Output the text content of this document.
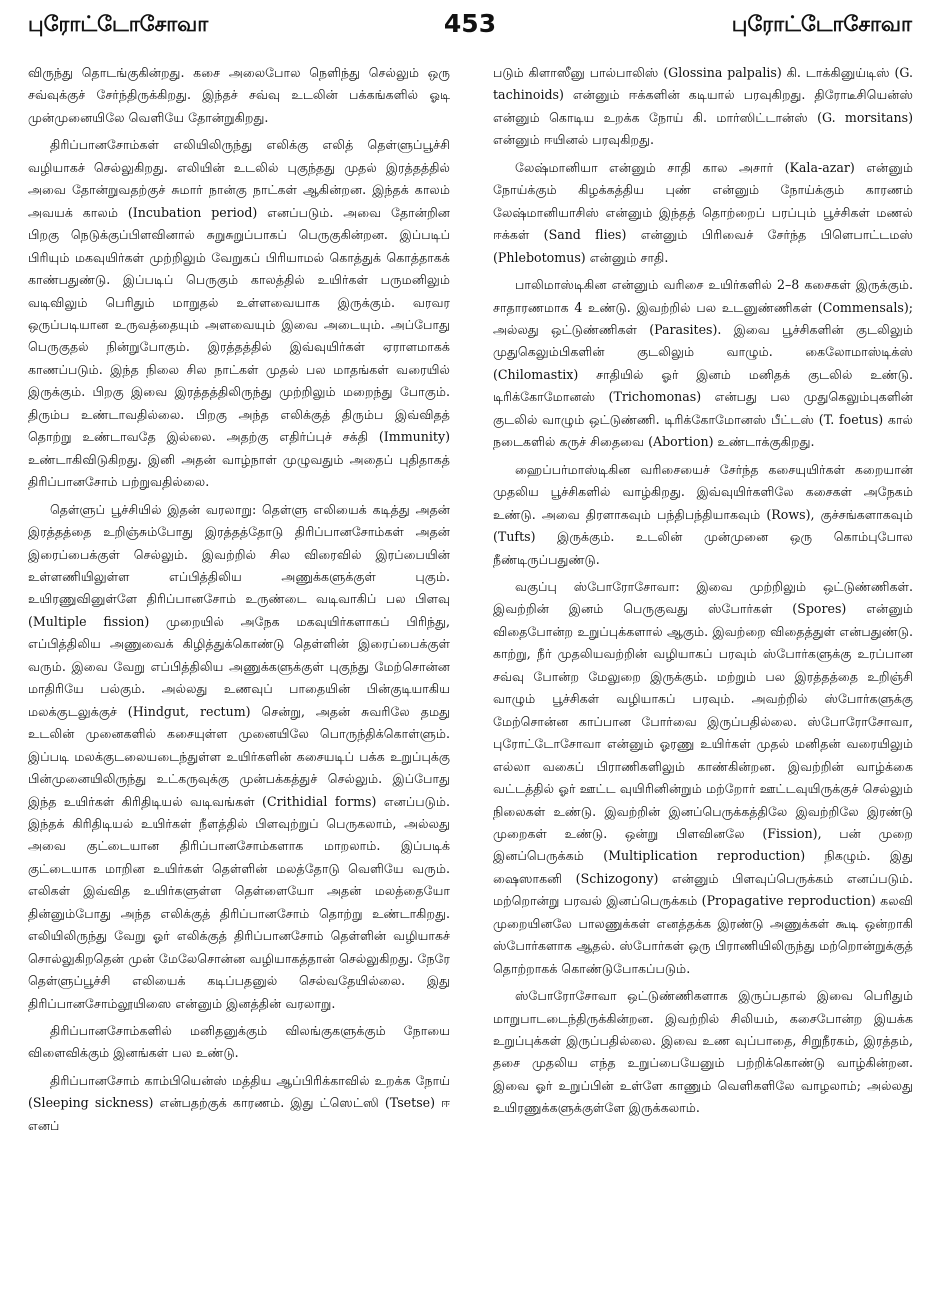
புரோட்டோசோவா	453	புரோட்டோசோவா

விருந்து தொடங்குகின்றது. கசை அலைபோல நெளிந்து செல்லும் ஒரு சவ்வுக்குச் சேர்ந்திருக்கிறது. இந்தச் சவ்வு உடலின் பக்கங்களில் ஓடி முன்முனையிலே வெளியே தோன்றுகிறது.

திரிப்பானசோம்கள் எலியிலிருந்து எலிக்கு எலித் தெள்ளுப்பூச்சி வழியாகச் செல்லுகிறது. எலியின் உடலில் புகுந்தது முதல் இரத்தத்தில் அவை தோன்றுவதற்குச் சுமார் நான்கு நாட்கள் ஆகின்றன. இந்தக் காலம் அவயக் காலம் (Incubation period) எனப்படும். அவை தோன்றின பிறகு நெடுக்குப்பிளவினால் சுறுசுறுப்பாகப் பெருகுகின்றன. இப்படிப் பிரியும் மகவுயிர்கள் முற்றிலும் வேறுகப் பிரியாமல் கொத்துக் கொத்தாகக் காண்பதுண்டு. இப்படிப் பெருகும் காலத்தில் உயிர்கள் பருமனிலும் வடிவிலும் பெரிதும் மாறுதல் உள்ளவையாக இருக்கும். வரவர ஒருப்படியான உருவத்தையும் அளவையும் இவை அடையும். அப்போது பெருகுதல் நின்றுபோகும். இரத்தத்தில் இவ்வுயிர்கள் ஏராளமாகக் காணப்படும். இந்த நிலை சில நாட்கள் முதல் பல மாதங்கள் வரையில் இருக்கும். பிறகு இவை இரத்தத்திலிருந்து முற்றிலும் மறைந்து போகும். திரும்ப உண்டாவதில்லை. பிறகு அந்த எலிக்குத் திரும்ப இவ்விதத் தொற்று உண்டாவதே இல்லை. அதற்கு எதிர்ப்புச் சக்தி (Immunity) உண்டாகிவிடுகிறது. இனி அதன் வாழ்நாள் முழுவதும் அதைப் புதிதாகத் திரிப்பானசோம் பற்றுவதில்லை.

தெள்ளுப் பூச்சியில் இதன் வரலாறு: தெள்ளு எலியைக் கடித்து அதன் இரத்தத்தை உறிஞ்சும்போது இரத்தத்தோடு திரிப்பானசோம்கள் அதன் இரைப்பைக்குள் செல்லும். இவற்றில் சில விரைவில் இரப்பையின் உள்ளணியிலுள்ள எப்பித்திலிய அணுக்களுக்குள் புகும். உயிரணுவினுள்ளே திரிப்பானசோம் உருண்டை வடிவாகிப் பல பிளவு (Multiple fission) முறையில் அநேக மகவுயிர்களாகப் பிரிந்து, எப்பித்திலிய அணுவைக் கிழித்துக்கொண்டு தெள்ளின் இரைப்பைக்குள் வரும். இவை வேறு எப்பித்திலிய அணுக்களுக்குள் புகுந்து மேற்சொன்ன மாதிரியே பல்கும். அல்லது உணவுப் பாதையின் பின்குடியாகிய மலக்குடலுக்குச் (Hindgut, rectum) சென்று, அதன் சுவரிலே தமது உடலின் முனைகளில் கசையுள்ள முனையிலே பொருந்திக்கொள்ளும். இப்படி மலக்குடலையடைந்துள்ள உயிர்களின் கசையடிப் பக்க உறுப்புக்கு பின்முனையிலிருந்து உட்கருவுக்கு முன்பக்கத்துச் செல்லும். இப்போது இந்த உயிர்கள் கிரிதிடியல் வடிவங்கள் (Crithidial forms) எனப்படும். இந்தக் கிரிதிடியல் உயிர்கள் நீளத்தில் பிளவுற்றுப் பெருகலாம், அல்லது அவை குட்டையான திரிப்பானசோம்களாக மாறலாம். இப்படிக் குட்டையாக மாறின உயிர்கள் தெள்ளின் மலத்தோடு வெளியே வரும். எலிகள் இவ்வித உயிர்களுள்ள தெள்ளையோ அதன் மலத்தையோ தின்னும்போது அந்த எலிக்குத் திரிப்பானசோம் தொற்று உண்டாகிறது. எலியிலிருந்து வேறு ஓர் எலிக்குத் திரிப்பானசோம் தெள்ளின் வழியாகச் சொல்லுகிறதென் முன் மேலேசொன்ன வழியாகத்தான் செல்லுகிறது. நேரே தெள்ளுப்பூச்சி எலியைக் கடிப்பதனுல் செல்வதேயில்லை. இது திரிப்பானசோம்லூயிஸை என்னும் இனத்தின் வரலாறு.

திரிப்பானசோம்களில் மனிதனுக்கும் விலங்குகளுக்கும் நோயை விளைவிக்கும் இனங்கள் பல உண்டு.

திரிப்பானசோம் காம்பியென்ஸ் மத்திய ஆப்பிரிக்காவில் உறக்க நோய் (Sleeping sickness) என்பதற்குக் காரணம். இது ட்ஸெட்ஸி (Tsetse) ஈ எனப்

படும் கிளாஸீனு பால்பாலிஸ் (Glossina palpalis) கி. டாக்கினுய்டிஸ் (G. tachinoids) என்னும் ஈக்களின் கடியால் பரவுகிறது. திரோடீசியென்ஸ் என்னும் கொடிய உறக்க நோய் கி. மார்ஸிட்டான்ஸ் (G. morsitans) என்னும் ஈயினல் பரவுகிறது.

லேஷ்மானியா என்னும் சாதி கால அசார் (Kala-azar) என்னும் நோய்க்கும் கிழக்கத்திய புண் என்னும் நோய்க்கும் காரணம் லேஷ்மானியாசிஸ் என்னும் இந்தத் தொற்றைப் பரப்பும் பூச்சிகள் மணல் ஈக்கள் (Sand flies) என்னும் பிரிவைச் சேர்ந்த பிளெபாட்டமஸ் (Phlebotomus) என்னும் சாதி.

பாலிமாஸ்டிகின என்னும் வரிசை உயிர்களில் 2–8 கசைகள் இருக்கும். சாதாரணமாக 4 உண்டு. இவற்றில் பல உடனுண்ணிகள் (Commensals); அல்லது ஒட்டுண்ணிகள் (Parasites). இவை பூச்சிகளின் குடலிலும் முதுகெலும்பிகளின் குடலிலும் வாழும். கைலோமாஸ்டிக்ஸ் (Chilomastix) சாதியில் ஓர் இனம் மனிதக் குடலில் உண்டு. டிரிக்கோமோனஸ் (Trichomonas) என்பது பல முதுகெலும்புகளின் குடலில் வாழும் ஒட்டுண்ணி. டிரிக்கோமோனஸ் பீட்டஸ் (T. foetus) கால் நடைகளில் கருச் சிதைவை (Abortion) உண்டாக்குகிறது.

ஹைப்பர்மாஸ்டிகின வரிசையைச் சேர்ந்த கசையுயிர்கள் கறையான் முதலிய பூச்சிகளில் வாழ்கிறது. இவ்வுயிர்களிலே கசைகள் அநேகம் உண்டு. அவை திரளாகவும் பந்திபந்தியாகவும் (Rows), குச்சங்களாகவும் (Tufts) இருக்கும். உடலின் முன்முனை ஒரு கொம்புபோல நீண்டிருப்பதுண்டு.

வகுப்பு ஸ்போரோசோவா: இவை முற்றிலும் ஒட்டுண்ணிகள். இவற்றின் இனம் பெருகுவது ஸ்போர்கள் (Spores) என்னும் விதைபோன்ற உறுப்புக்களால் ஆகும். இவற்றை விதைத்துள் என்பதுண்டு. காற்று, நீர் முதலியவற்றின் வழியாகப் பரவும் ஸ்போர்களுக்கு உரப்பான சவ்வு போன்ற மேலுறை இருக்கும். மற்றும் பல இரத்தத்தை உறிஞ்சி வாழும் பூச்சிகள் வழியாகப் பரவும். அவற்றில் ஸ்போர்களுக்கு மேற்சொன்ன காப்பான போர்வை இருப்பதில்லை. ஸ்போரோசோவா, புரோட்டோசோவா என்னும் ஓரணு உயிர்கள் முதல் மனிதன் வரையிலும் எல்லா வகைப் பிராணிகளிலும் காண்கின்றன. இவற்றின் வாழ்க்கை வட்டத்தில் ஓர் ஊட்ட வுயிரினின்றும் மற்றோர் ஊட்டவுயிருக்குச் செல்லும் நிலைகள் உண்டு. இவற்றின் இனப்பெருக்கத்திலே இவற்றிலே இரண்டு முறைகள் உண்டு. ஒன்று பிளவினலே (Fission), பன் முறை இனப்பெருக்கம் (Multiplication reproduction) நிகழும். இது ஷைஸாகனி (Schizogony) என்னும் பிளவுப்பெருக்கம் எனப்படும். மற்றொன்று பரவல் இனப்பெருக்கம் (Propagative reproduction) கலவி முறையினலே பாலணுக்கள் எனத்தக்க இரண்டு அணுக்கள் கூடி ஒன்றாகி ஸ்போர்களாக ஆதல். ஸ்போர்கள் ஒரு பிராணியிலிருந்து மற்றொன்றுக்குத் தொற்றாகக் கொண்டுபோகப்படும்.

ஸ்போரோசோவா ஒட்டுண்ணிகளாக இருப்பதால் இவை பெரிதும் மாறுபாடடைந்திருக்கின்றன. இவற்றில் சிலியம், கசைபோன்ற இயக்க உறுப்புக்கள் இருப்பதில்லை. இவை உண வுப்பாதை, சிறுநீரகம், இரத்தம், தசை முதலிய எந்த உறுப்பையேனும் பற்றிக்கொண்டு வாழ்கின்றன. இவை ஓர் உறுப்பின் உள்ளே காணும் வெளிகளிலே வாழலாம்; அல்லது உயிரணுக்களுக்குள்ளே இருக்கலாம்.
